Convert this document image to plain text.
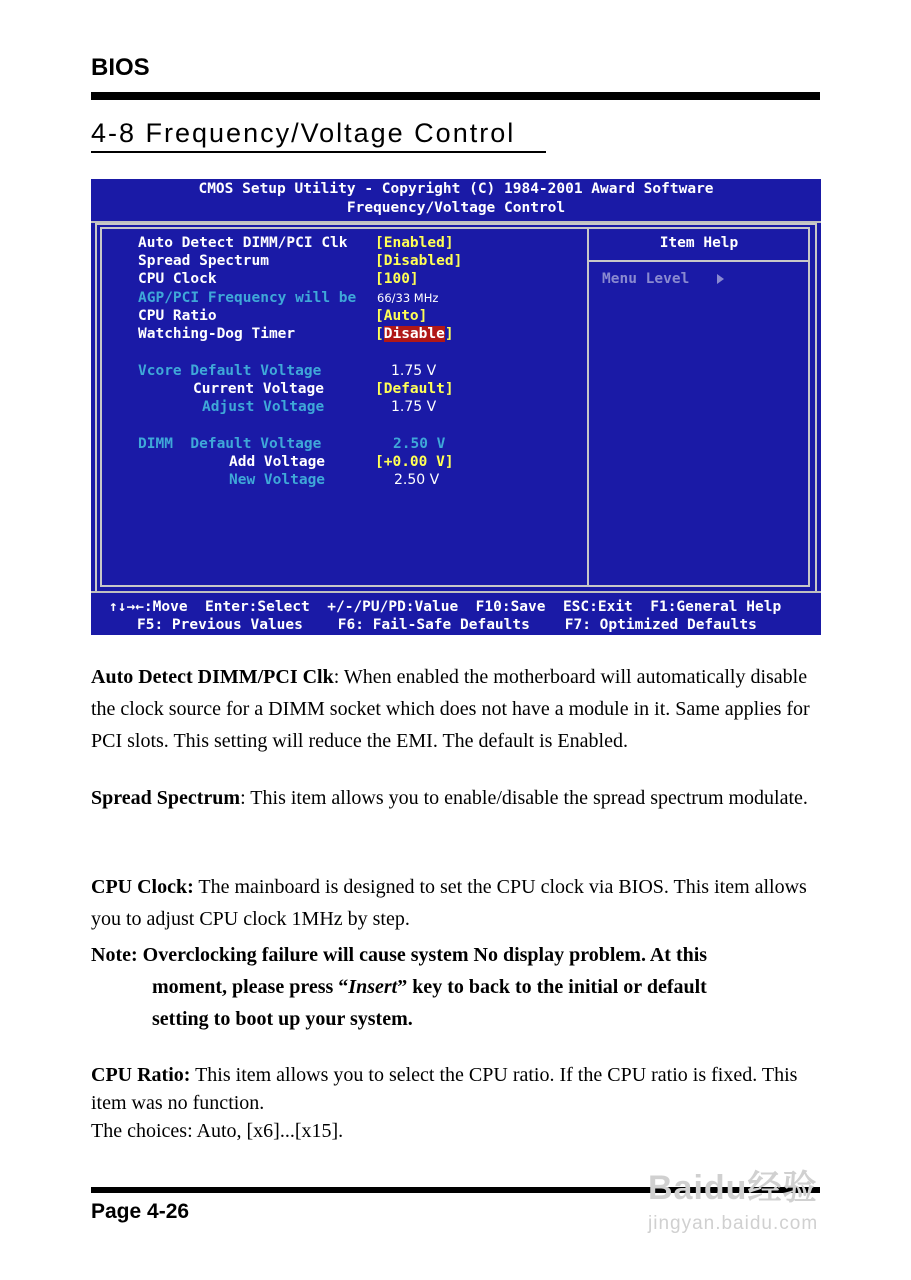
BIOS
4-8 Frequency/Voltage Control
CMOS Setup Utility - Copyright (C) 1984-2001 Award Software
Frequency/Voltage Control
Item Help
Menu Level
Auto Detect DIMM/PCI Clk [Enabled]
Spread Spectrum	[Disabled]
CPU Clock	[100]
AGP/PCI Frequency will be 66/33 MHz
CPU Ratio	[Auto]
Watching-Dog Timer	[Disable]
Vcore Default Voltage	1.75 V
Current Voltage	[Default]
Adjust Voltage	1.75 V
DIMM  Default Voltage	2.50 V
Add Voltage	[+0.00 V]
New Voltage	2.50 V
↑↓→←:Move  Enter:Select  +/-/PU/PD:Value  F10:Save  ESC:Exit  F1:General Help
F5: Previous Values    F6: Fail-Safe Defaults    F7: Optimized Defaults
Auto Detect DIMM/PCI Clk: When enabled the motherboard will automatically disable the clock source for a DIMM socket which does not have a module in it. Same applies for PCI slots. This setting will reduce the EMI. The default is Enabled.
Spread Spectrum: This item allows you to enable/disable the spread spectrum modulate.
CPU Clock: The mainboard is designed to set the CPU clock via BIOS. This item allows you to adjust CPU clock 1MHz by step.
Note: Overclocking failure will cause system No display problem. At this
moment, please press “Insert” key to back to the initial or default
setting to boot up your system.
CPU Ratio: This item allows you to select the CPU ratio. If the CPU ratio is fixed. This item was no function.
The choices: Auto, [x6]...[x15].
Page 4-26
Baidu经验
jingyan.baidu.com
